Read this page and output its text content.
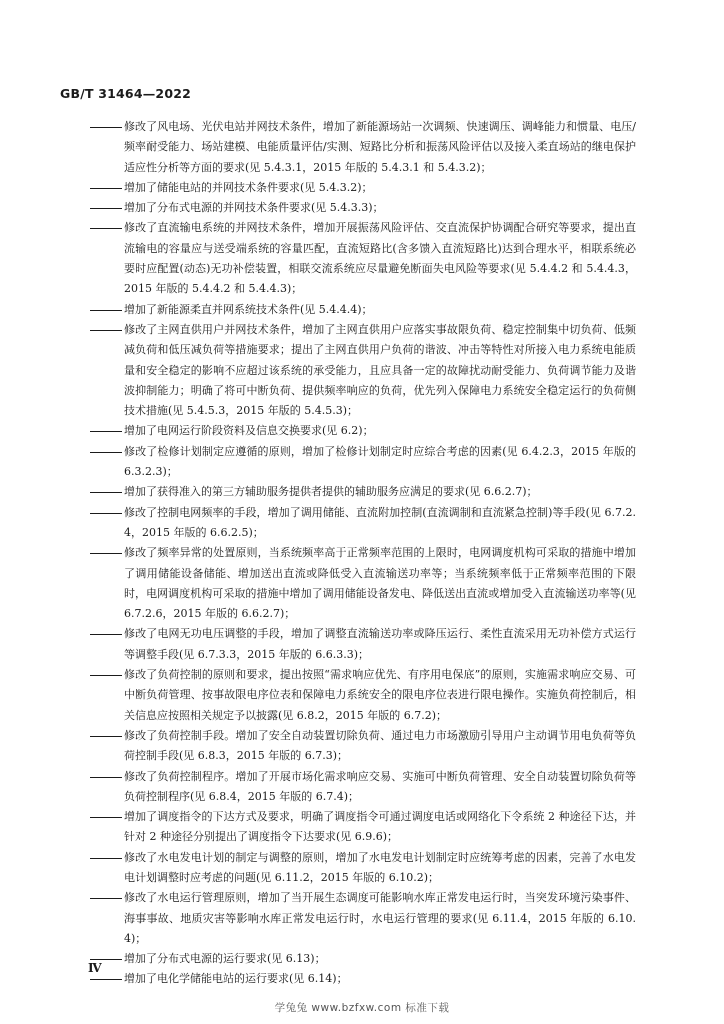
GB/T 31464—2022
修改了风电场、光伏电站并网技术条件，增加了新能源场站一次调频、快速调压、调峰能力和惯量、电压/频率耐受能力、场站建模、电能质量评估/实测、短路比分析和振荡风险评估以及接入柔直场站的继电保护适应性分析等方面的要求(见 5.4.3.1，2015 年版的 5.4.3.1 和 5.4.3.2)；
增加了储能电站的并网技术条件要求(见 5.4.3.2)；
增加了分布式电源的并网技术条件要求(见 5.4.3.3)；
修改了直流输电系统的并网技术条件，增加开展振荡风险评估、交直流保护协调配合研究等要求，提出直流输电的容量应与送受端系统的容量匹配，直流短路比(含多馈入直流短路比)达到合理水平，相联系统必要时应配置(动态)无功补偿装置，相联交流系统应尽量避免断面失电风险等要求(见 5.4.4.2 和 5.4.4.3，2015 年版的 5.4.4.2 和 5.4.4.3)；
增加了新能源柔直并网系统技术条件(见 5.4.4.4)；
修改了主网直供用户并网技术条件，增加了主网直供用户应落实事故限负荷、稳定控制集中切负荷、低频减负荷和低压减负荷等措施要求；提出了主网直供用户负荷的谐波、冲击等特性对所接入电力系统电能质量和安全稳定的影响不应超过该系统的承受能力，且应具备一定的故障扰动耐受能力、负荷调节能力及谐波抑制能力；明确了将可中断负荷、提供频率响应的负荷，优先列入保障电力系统安全稳定运行的负荷侧技术措施(见 5.4.5.3，2015 年版的 5.4.5.3)；
增加了电网运行阶段资料及信息交换要求(见 6.2)；
修改了检修计划制定应遵循的原则，增加了检修计划制定时应综合考虑的因素(见 6.4.2.3，2015 年版的 6.3.2.3)；
增加了获得准入的第三方辅助服务提供者提供的辅助服务应满足的要求(见 6.6.2.7)；
修改了控制电网频率的手段，增加了调用储能、直流附加控制(直流调制和直流紧急控制)等手段(见 6.7.2.4，2015 年版的 6.6.2.5)；
修改了频率异常的处置原则，当系统频率高于正常频率范围的上限时，电网调度机构可采取的措施中增加了调用储能设备储能、增加送出直流或降低受入直流输送功率等；当系统频率低于正常频率范围的下限时，电网调度机构可采取的措施中增加了调用储能设备发电、降低送出直流或增加受入直流输送功率等(见 6.7.2.6，2015 年版的 6.6.2.7)；
修改了电网无功电压调整的手段，增加了调整直流输送功率或降压运行、柔性直流采用无功补偿方式运行等调整手段(见 6.7.3.3，2015 年版的 6.6.3.3)；
修改了负荷控制的原则和要求，提出按照“需求响应优先、有序用电保底”的原则，实施需求响应交易、可中断负荷管理、按事故限电序位表和保障电力系统安全的限电序位表进行限电操作。实施负荷控制后，相关信息应按照相关规定予以披露(见 6.8.2，2015 年版的 6.7.2)；
修改了负荷控制手段。增加了安全自动装置切除负荷、通过电力市场激励引导用户主动调节用电负荷等负荷控制手段(见 6.8.3，2015 年版的 6.7.3)；
修改了负荷控制程序。增加了开展市场化需求响应交易、实施可中断负荷管理、安全自动装置切除负荷等负荷控制程序(见 6.8.4，2015 年版的 6.7.4)；
增加了调度指令的下达方式及要求，明确了调度指令可通过调度电话或网络化下令系统 2 种途径下达，并针对 2 种途径分别提出了调度指令下达要求(见 6.9.6)；
修改了水电发电计划的制定与调整的原则，增加了水电发电计划制定时应统筹考虑的因素，完善了水电发电计划调整时应考虑的问题(见 6.11.2，2015 年版的 6.10.2)；
修改了水电运行管理原则，增加了当开展生态调度可能影响水库正常发电运行时，当突发环境污染事件、海事事故、地质灾害等影响水库正常发电运行时，水电运行管理的要求(见 6.11.4，2015 年版的 6.10.4)；
增加了分布式电源的运行要求(见 6.13)；
增加了电化学储能电站的运行要求(见 6.14)；
Ⅳ
学兔兔 www.bzfxw.com 标准下载
